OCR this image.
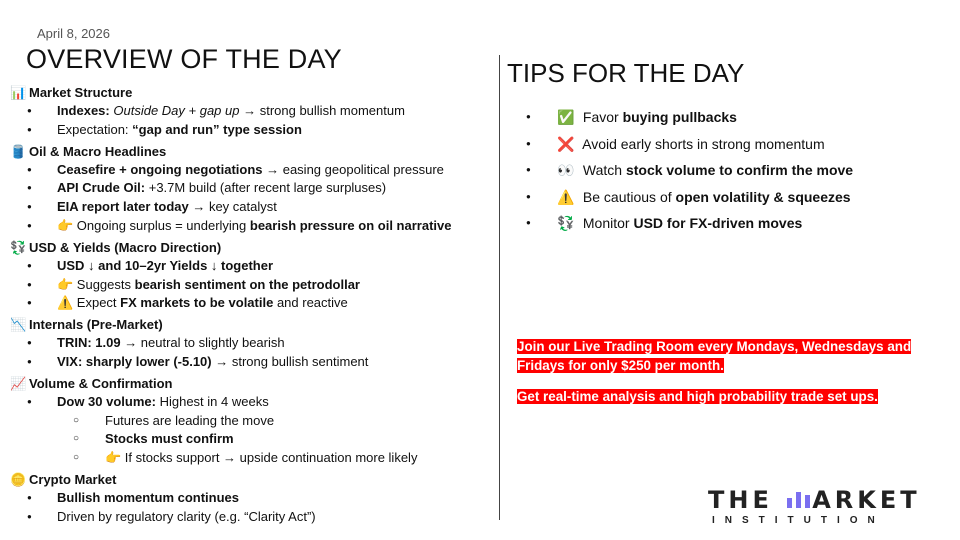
April 8, 2026
OVERVIEW OF THE DAY	TIPS FOR THE DAY
📊 Market Structure
● Indexes: Outside Day + gap up → strong bullish momentum
● Expectation: “gap and run” type session
🛢️ Oil & Macro Headlines
● Ceasefire + ongoing negotiations → easing geopolitical pressure
● API Crude Oil: +3.7M build (after recent large surpluses)
● EIA report later today → key catalyst
● 👉 Ongoing surplus = underlying bearish pressure on oil narrative
💱 USD & Yields (Macro Direction)
● USD ↓ and 10–2yr Yields ↓ together
● 👉 Suggests bearish sentiment on the petrodollar
● ⚠️ Expect FX markets to be volatile and reactive
📉 Internals (Pre-Market)
● TRIN: 1.09 → neutral to slightly bearish
● VIX: sharply lower (-5.10) → strong bullish sentiment
📈 Volume & Confirmation
● Dow 30 volume: Highest in 4 weeks
○ Futures are leading the move
○ Stocks must confirm
○ 👉 If stocks support → upside continuation more likely
🪙 Crypto Market
● Bullish momentum continues
● Driven by regulatory clarity (e.g. “Clarity Act”)
● ✅ Favor buying pullbacks
● ❌ Avoid early shorts in strong momentum
● 👀 Watch stock volume to confirm the move
● ⚠️ Be cautious of open volatility & squeezes
● 💱 Monitor USD for FX-driven moves

Join our Live Trading Room every Mondays, Wednesdays and Fridays for only $250 per month.

Get real-time analysis and high probability trade set ups.

THE
ARKET
INSTITUTION
